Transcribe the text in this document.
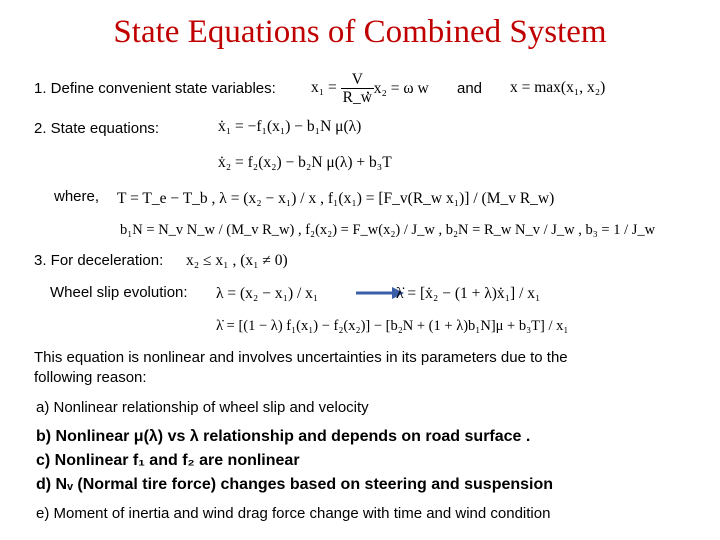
State Equations of Combined System
1. Define convenient state variables: $x_1 = \frac{V}{R\_w}$
, x₂ = ω w and x = max(x₁, x₂)
2. State equations:	ẋ₁ = −f₁(x₁) − b₁N μ(λ)
ẋ₂ = f₂(x₂) − b₂N μ(λ) + b₃T
where, T = T_e − T_b , λ = (x₂ − x₁) / x , f₁(x₁) = [F_v(R_w x₁)] / (M_v R_w)
b₁N = N_v N_w / (M_v R_w) , f₂(x₂) = F_w(x₂) / J_w , b₂N = R_w N_v / J_w , b₃ = 1 / J_w
3. For deceleration: x₂ ≤ x₁ , (x₁ ≠ 0)
Wheel slip evolution: λ = (x₂ − x₁) / x₁	λ̇ = [ẋ₂ − (1 + λ)ẋ₁] / x₁
λ̇ = [(1 − λ) f₁(x₁) − f₂(x₂)] − [b₂N + (1 + λ)b₁N]μ + b₃T] / x₁
This equation is nonlinear and involves uncertainties in its parameters due to the following reason:
a) Nonlinear relationship of wheel slip and velocity
b) Nonlinear μ(λ) vs λ relationship and depends on road surface .
c) Nonlinear f₁ and f₂ are nonlinear
d) Nᵥ (Normal tire force) changes based on steering and suspension
e) Moment of inertia and wind drag force change with time and wind condition
